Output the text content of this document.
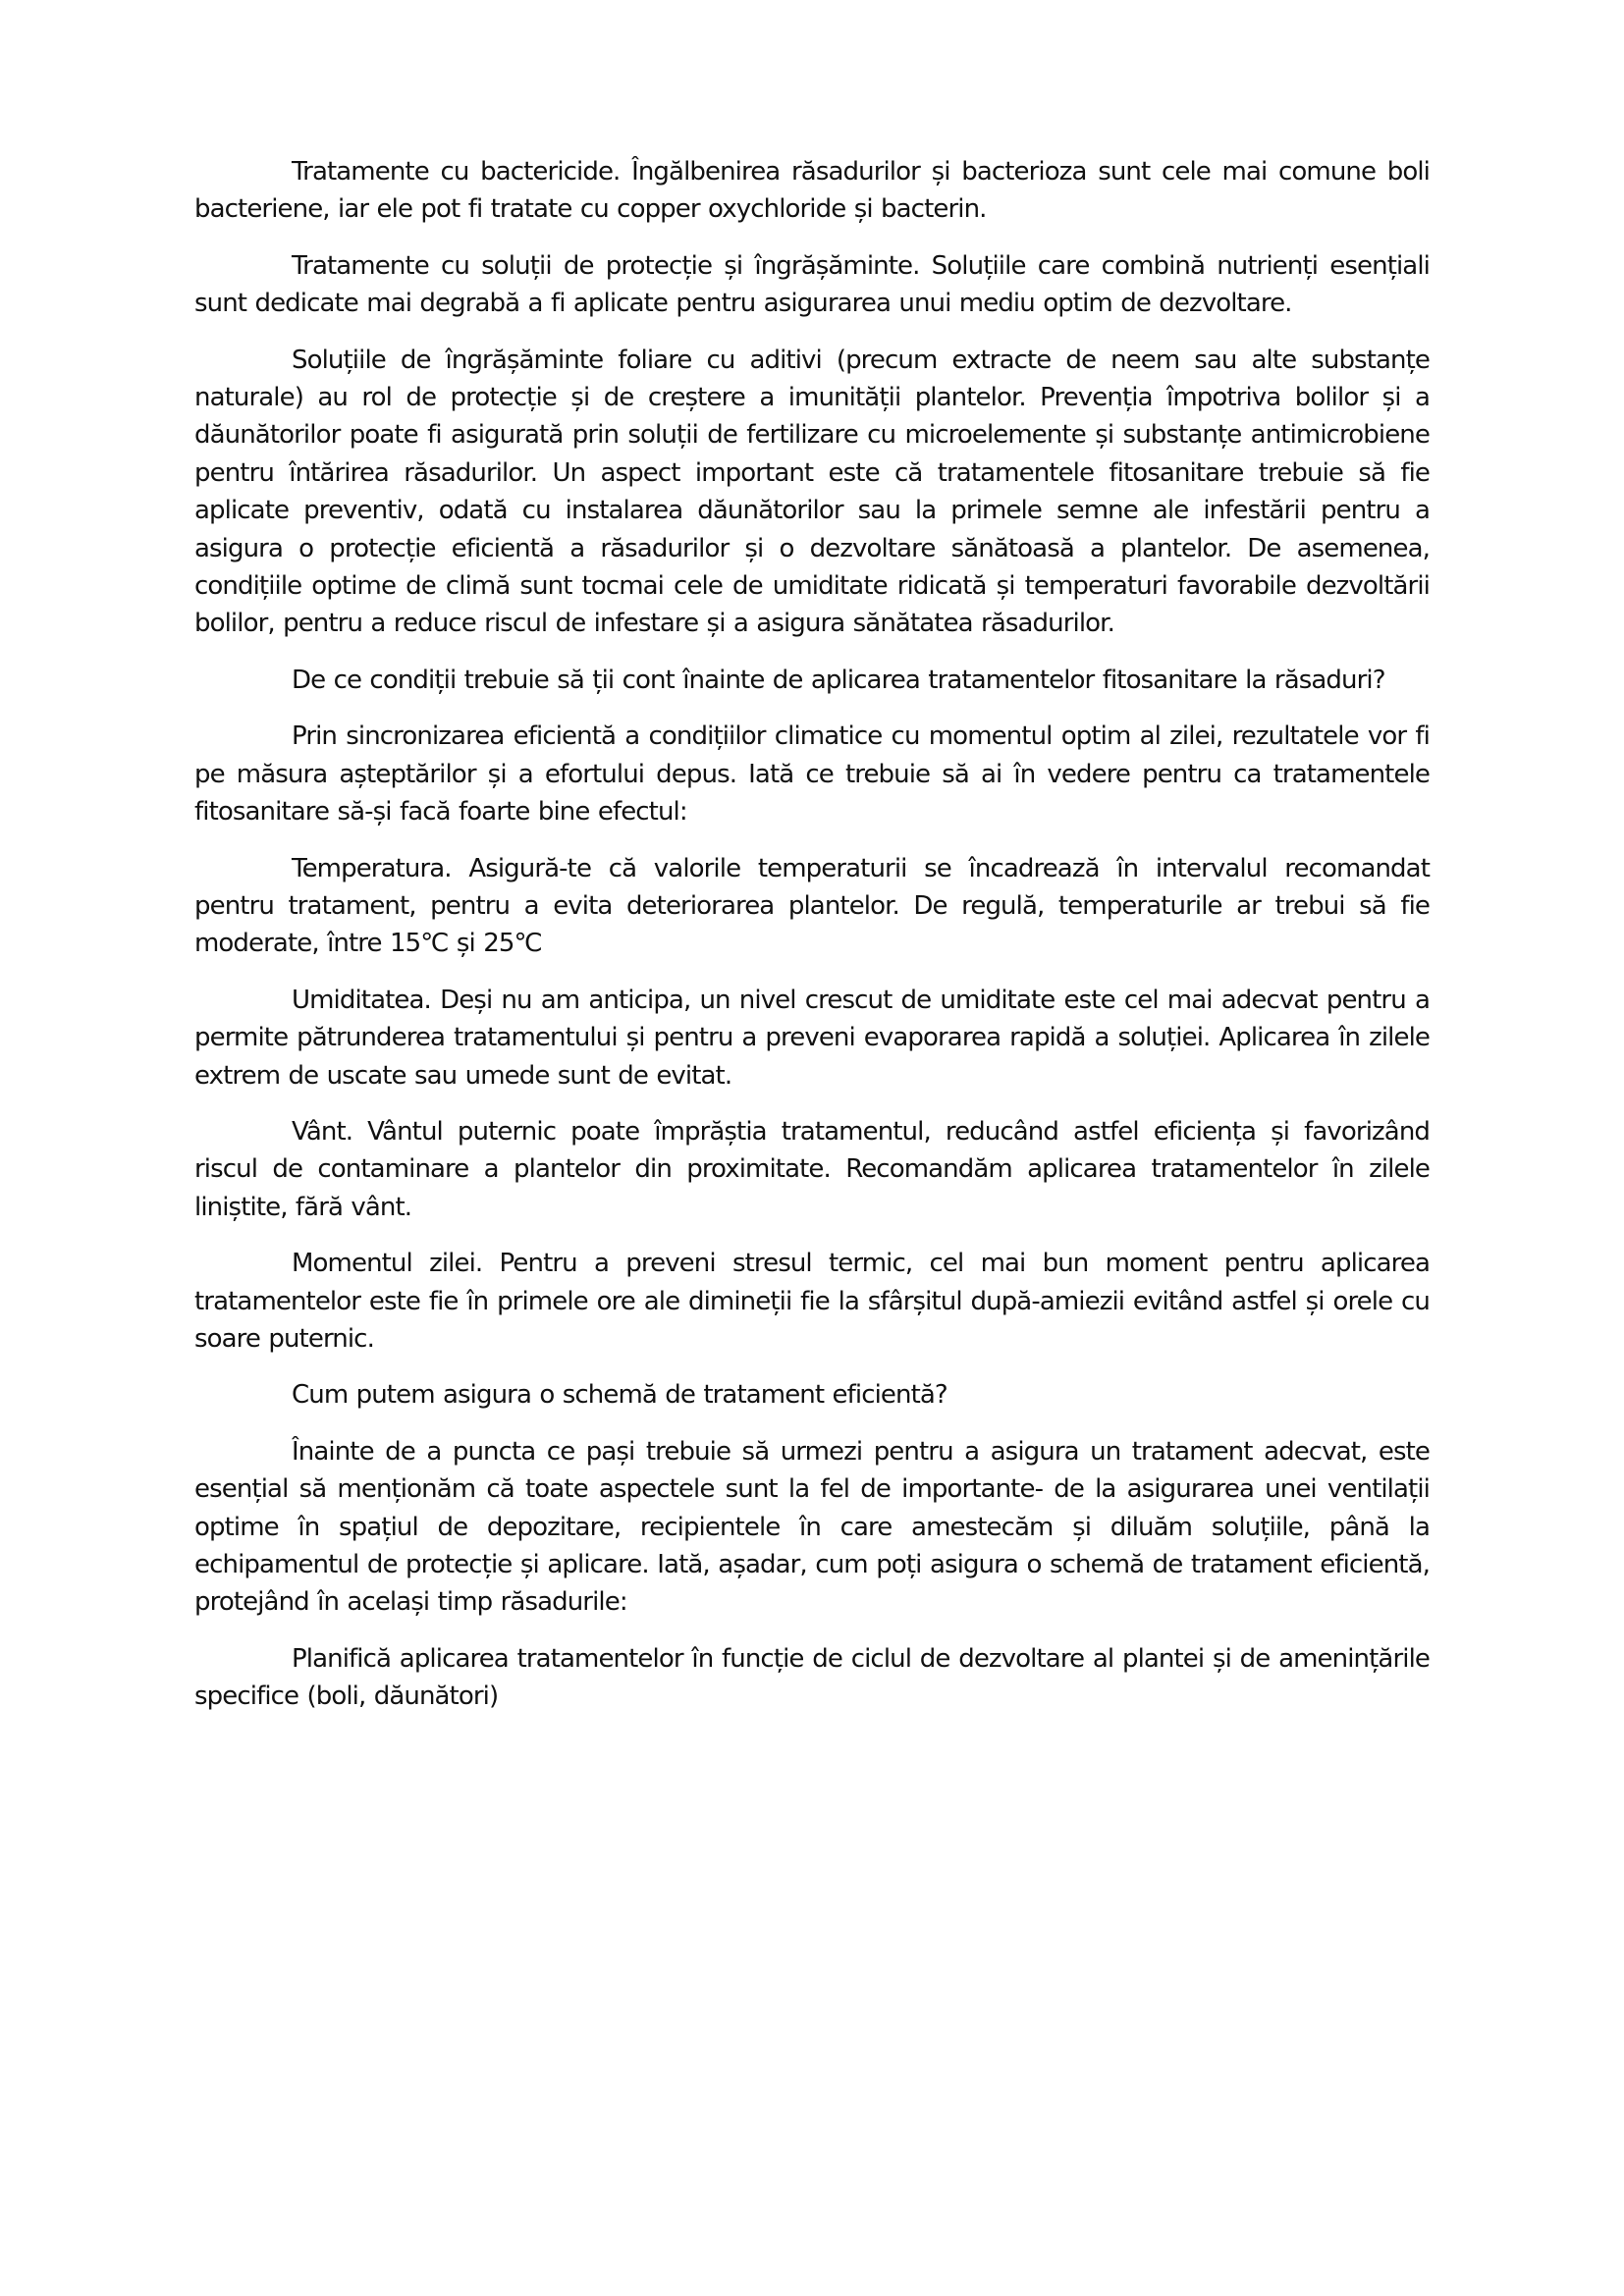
Tratamente cu bactericide. Îngălbenirea răsadurilor și bacterioza sunt cele mai comune boli bacteriene, iar ele pot fi tratate cu copper oxychloride și bacterin.

Tratamente cu soluții de protecție și îngrășăminte. Soluțiile care combină nutrienți esențiali sunt dedicate mai degrabă a fi aplicate pentru asigurarea unui mediu optim de dezvoltare.

Soluțiile de îngrășăminte foliare cu aditivi (precum extracte de neem sau alte substanțe naturale) au rol de protecție și de creștere a imunității plantelor. Prevenția împotriva bolilor și a dăunătorilor poate fi asigurată prin soluții de fertilizare cu microelemente și substanțe antimicrobiene pentru întărirea răsadurilor. Un aspect important este că tratamentele fitosanitare trebuie să fie aplicate preventiv, odată cu instalarea dăunătorilor sau la primele semne ale infestării pentru a asigura o protecție eficientă a răsadurilor și o dezvoltare sănătoasă a plantelor. De asemenea, condițiile optime de climă sunt tocmai cele de umiditate ridicată și temperaturi favorabile dezvoltării bolilor, pentru a reduce riscul de infestare și a asigura sănătatea răsadurilor.

De ce condiții trebuie să ții cont înainte de aplicarea tratamentelor fitosanitare la răsaduri?

Prin sincronizarea eficientă a condițiilor climatice cu momentul optim al zilei, rezultatele vor fi pe măsura așteptărilor și a efortului depus. Iată ce trebuie să ai în vedere pentru ca tratamentele fitosanitare să-și facă foarte bine efectul:

Temperatura. Asigură-te că valorile temperaturii se încadrează în intervalul recomandat pentru tratament, pentru a evita deteriorarea plantelor. De regulă, temperaturile ar trebui să fie moderate, între 15℃ și 25℃

Umiditatea. Deși nu am anticipa, un nivel crescut de umiditate este cel mai adecvat pentru a permite pătrunderea tratamentului și pentru a preveni evaporarea rapidă a soluției. Aplicarea în zilele extrem de uscate sau umede sunt de evitat.

Vânt. Vântul puternic poate împrăștia tratamentul, reducând astfel eficiența și favorizând riscul de contaminare a plantelor din proximitate. Recomandăm aplicarea tratamentelor în zilele liniștite, fără vânt.

Momentul zilei. Pentru a preveni stresul termic, cel mai bun moment pentru aplicarea tratamentelor este fie în primele ore ale dimineții fie la sfârșitul după-amiezii evitând astfel și orele cu soare puternic.

Cum putem asigura o schemă de tratament eficientă?

Înainte de a puncta ce pași trebuie să urmezi pentru a asigura un tratament adecvat, este esențial să menționăm că toate aspectele sunt la fel de importante- de la asigurarea unei ventilații optime în spațiul de depozitare, recipientele în care amestecăm și diluăm soluțiile, până la echipamentul de protecție și aplicare. Iată, așadar, cum poți asigura o schemă de tratament eficientă, protejând în același timp răsadurile:

Planifică aplicarea tratamentelor în funcție de ciclul de dezvoltare al plantei și de amenințările specifice (boli, dăunători)
